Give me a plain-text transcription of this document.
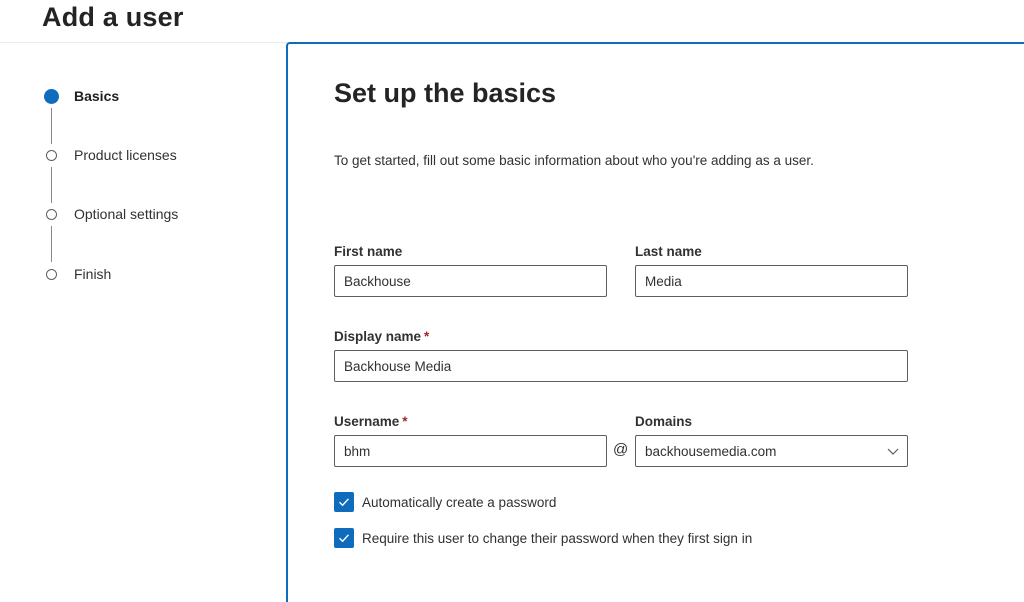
Add a user
Basics
Product licenses
Optional settings
Finish
Set up the basics
To get started, fill out some basic information about who you're adding as a user.
First name
Backhouse	Last name
Media
Display name *
Backhouse Media
Username *
bhm
@
Domains
backhousemedia.com
Automatically create a password
Require this user to change their password when they first sign in
